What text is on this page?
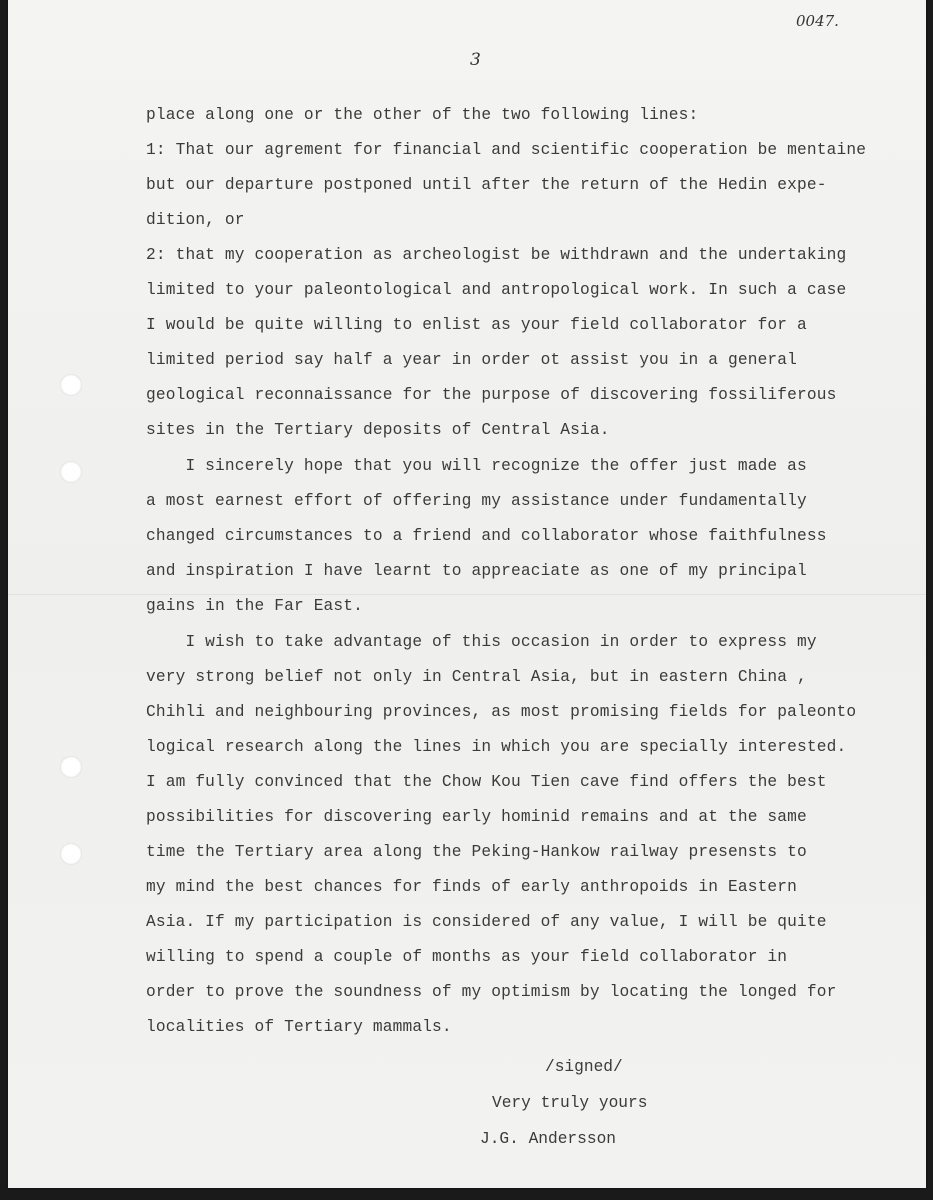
0047.
3
place along one or the other of the two following lines:
1: That our agrement for financial and scientific cooperation be mentaine
but our departure postponed until after the return of the Hedin expe-
dition, or
2: that my cooperation as archeologist be withdrawn and the undertaking
limited to your paleontological and antropological work. In such a case
I would be quite willing to enlist as your field collaborator for a
limited period say half a year in order ot assist you in a general
geological reconnaissance for the purpose of discovering fossiliferous
sites in the Tertiary deposits of Central Asia.
I sincerely hope that you will recognize the offer just made as
a most earnest effort of offering my assistance under fundamentally
changed circumstances to a friend and collaborator whose faithfulness
and inspiration I have learnt to appreaciate as one of my principal
gains in the Far East.
I wish to take advantage of this occasion in order to express my
very strong belief not only in Central Asia, but in eastern China ,
Chihli and neighbouring provinces, as most promising fields for paleonto
logical research along the lines in which you are specially interested.
I am fully convinced that the Chow Kou Tien cave find offers the best
possibilities for discovering early hominid remains and at the same
time the Tertiary area along the Peking-Hankow railway presensts to
my mind the best chances for finds of early anthropoids in Eastern
Asia. If my participation is considered of any value, I will be quite
willing to spend a couple of months as your field collaborator in
order to prove the soundness of my optimism by locating the longed for
localities of Tertiary mammals.
/signed/
Very truly yours
J.G. Andersson
